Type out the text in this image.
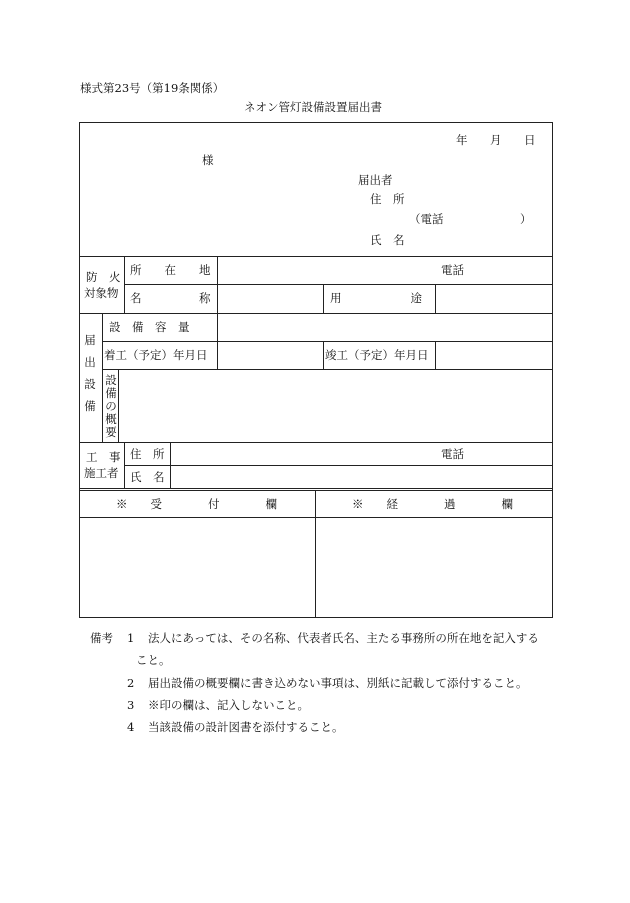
様式第23号（第19条関係）
ネオン管灯設備設置届出書
年 月 日
様
届出者
住　所
（電話	）
氏　名
防　火
対象物
所　　在　　地	電話
名　　　　　称	用　　　　　　途
届出設備
設　備　容　量
着工（予定）年月日	竣工（予定）年月日
設備の概要
工　事
施工者
住　所	電話
氏　名
※　　受　　　　付　　　　欄	※　　経　　　　過　　　　欄
備考 1 法人にあっては、その名称、代表者氏名、主たる事務所の所在地を記入する
こと。
2 届出設備の概要欄に書き込めない事項は、別紙に記載して添付すること。
3 ※印の欄は、記入しないこと。
4 当該設備の設計図書を添付すること。
